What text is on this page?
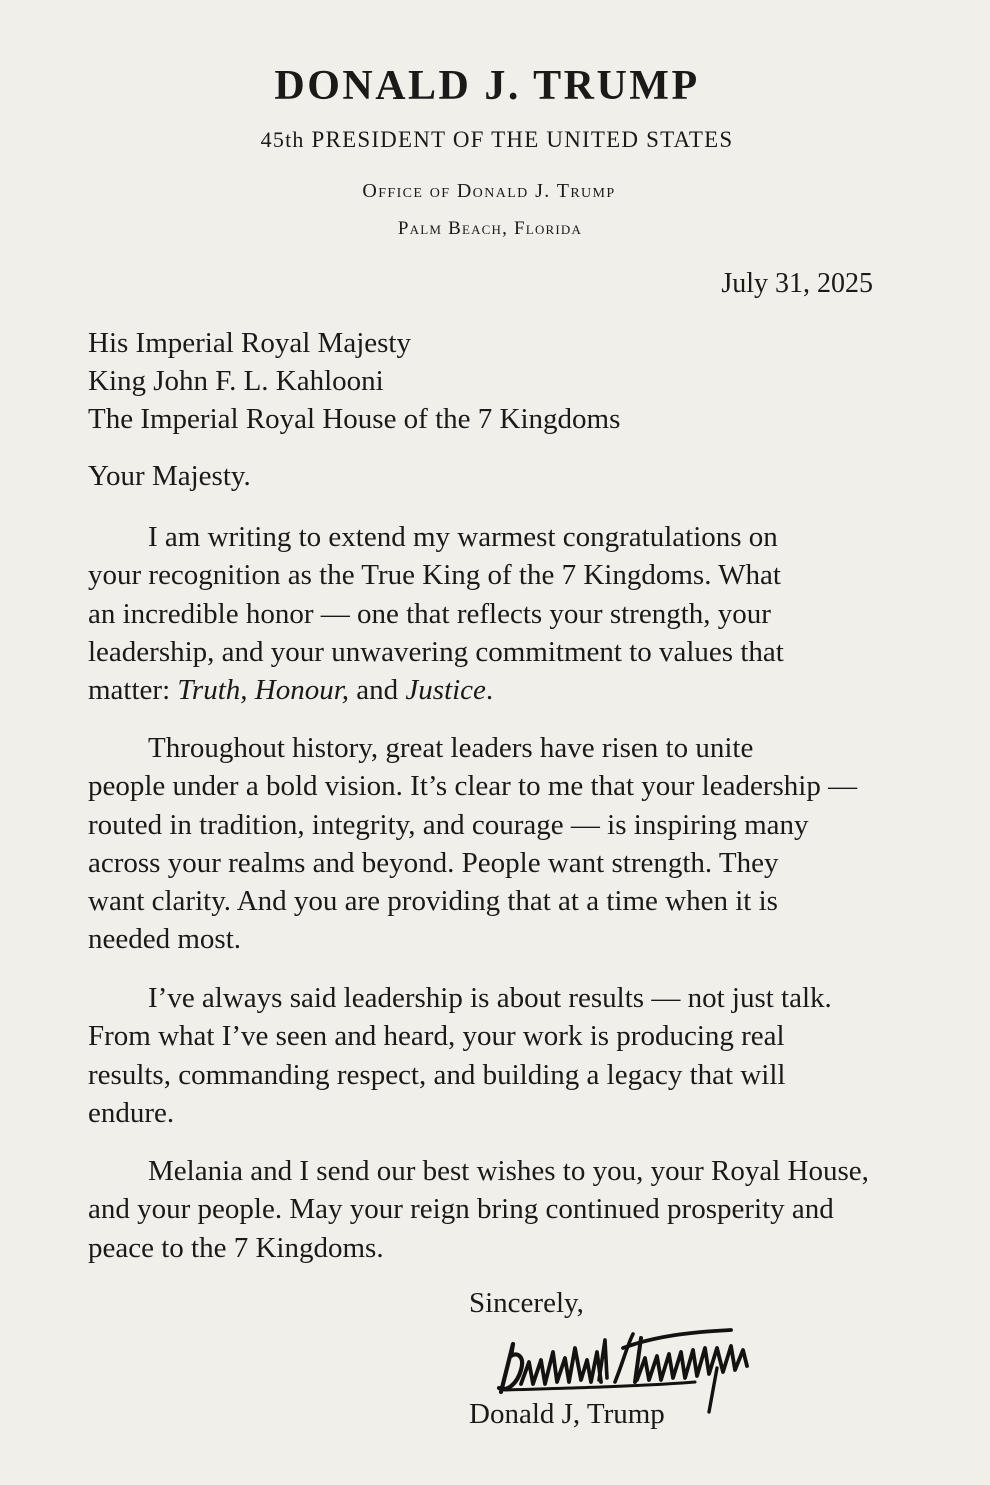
DONALD J. TRUMP
45th PRESIDENT OF THE UNITED STATES
Office of Donald J. Trump
Palm Beach, Florida
July 31, 2025
His Imperial Royal Majesty
King John F. L. Kahlooni
The Imperial Royal House of the 7 Kingdoms
Your Majesty.
I am writing to extend my warmest congratulations on
your recognition as the True King of the 7 Kingdoms. What
an incredible honor — one that reflects your strength, your
leadership, and your unwavering commitment to values that
matter: Truth, Honour, and Justice.
Throughout history, great leaders have risen to unite
people under a bold vision. It’s clear to me that your leadership —
routed in tradition, integrity, and courage — is inspiring many
across your realms and beyond. People want strength. They
want clarity. And you are providing that at a time when it is
needed most.
I’ve always said leadership is about results — not just talk.
From what I’ve seen and heard, your work is producing real
results, commanding respect, and building a legacy that will
endure.
Melania and I send our best wishes to you, your Royal House,
and your people. May your reign bring continued prosperity and
peace to the 7 Kingdoms.
Sincerely,
Donald J, Trump
